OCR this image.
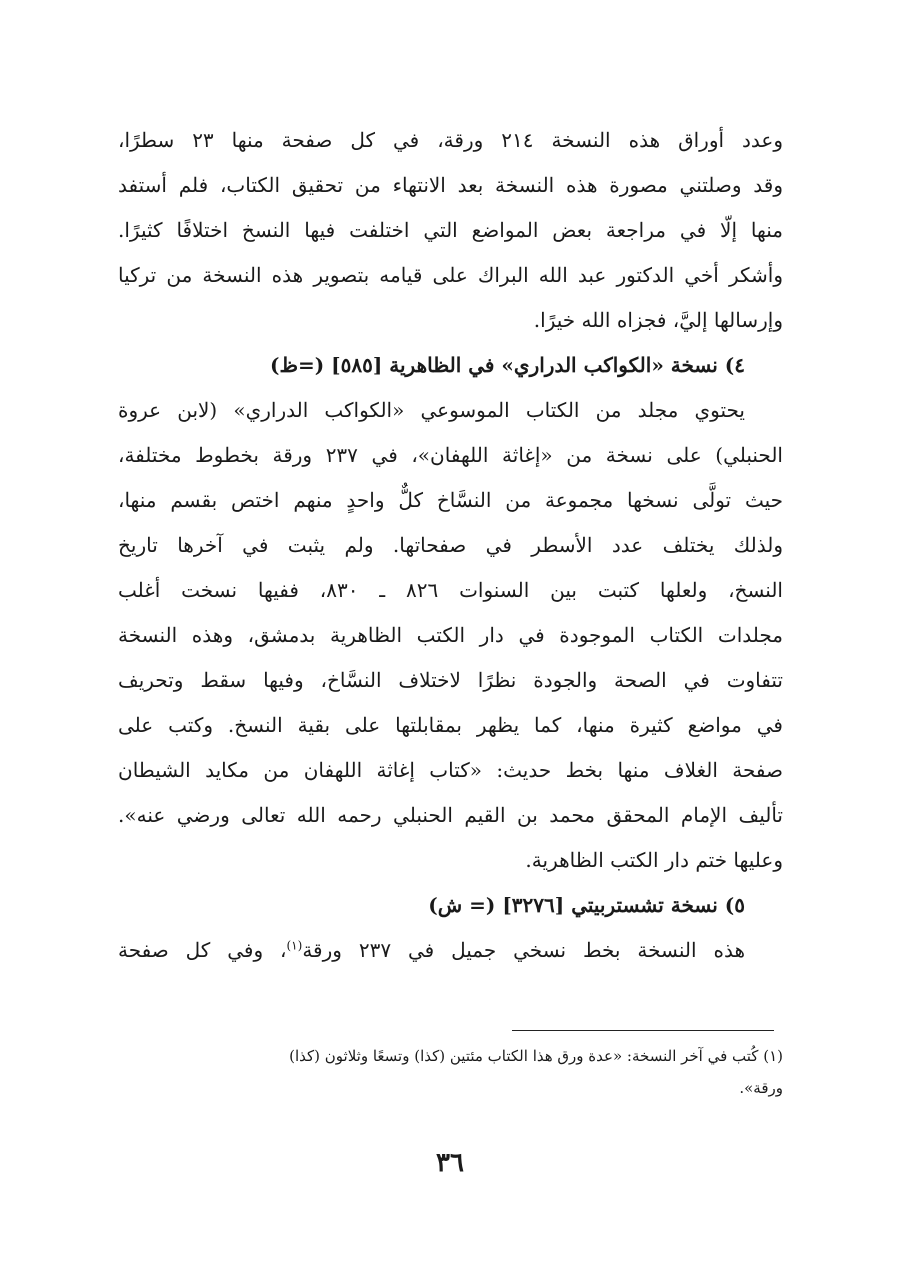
وعدد أوراق هذه النسخة ٢١٤ ورقة، في كل صفحة منها ٢٣ سطرًا،
وقد وصلتني مصورة هذه النسخة بعد الانتهاء من تحقيق الكتاب، فلم أستفد
منها إلّا في مراجعة بعض المواضع التي اختلفت فيها النسخ اختلافًا كثيرًا.
وأشكر أخي الدكتور عبد الله البراك على قيامه بتصوير هذه النسخة من تركيا
وإرسالها إليَّ، فجزاه الله خيرًا.

٤) نسخة «الكواكب الدراري» في الظاهرية [٥٨٥] (=ظ)

يحتوي مجلد من الكتاب الموسوعي «الكواكب الدراري» (لابن عروة
الحنبلي) على نسخة من «إغاثة اللهفان»، في ٢٣٧ ورقة بخطوط مختلفة،
حيث تولَّى نسخها مجموعة من النسَّاخ كلٌّ واحدٍ منهم اختص بقسم منها،
ولذلك يختلف عدد الأسطر في صفحاتها. ولم يثبت في آخرها تاريخ
النسخ، ولعلها كتبت بين السنوات ٨٢٦ ـ ٨٣٠، ففيها نسخت أغلب
مجلدات الكتاب الموجودة في دار الكتب الظاهرية بدمشق، وهذه النسخة
تتفاوت في الصحة والجودة نظرًا لاختلاف النسَّاخ، وفيها سقط وتحريف
في مواضع كثيرة منها، كما يظهر بمقابلتها على بقية النسخ. وكتب على
صفحة الغلاف منها بخط حديث: «كتاب إغاثة اللهفان من مكايد الشيطان
تأليف الإمام المحقق محمد بن القيم الحنبلي رحمه الله تعالى ورضي عنه».
وعليها ختم دار الكتب الظاهرية.

٥) نسخة تشستربيتي [٣٢٧٦] (= ش)

هذه النسخة بخط نسخي جميل في ٢٣٧ ورقة$^{(١)}$، وفي كل صفحة

(١) كُتب في آخر النسخة: «عدة ورق هذا الكتاب مئتين (كذا) وتسعًا وثلاثون (كذا)
ورقة».
٣٦
